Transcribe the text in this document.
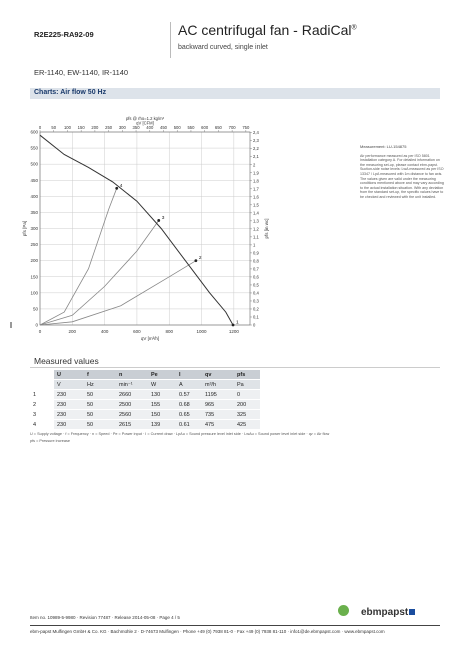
R2E225-RA92-09	AC centrifugal fan - RadiCal®
backward curved, single inlet
ER-1140, EW-1140, IR-1140
Charts: Air flow 50 Hz
0	200	400	600	800	1000	1200
0 50 100 150 200 250 300 350 400 450 500 550 600 650 700 750
0
50
100
150
200
250
300
350
400
450
500
550
600
0
0,1
0,2
0,3
0,4
0,5
0,6
0,7
0,8
0,9
1
1,1
1,2
1,3
1,4
1,5
1,6
1,7
1,8
1,9
2
2,1
2,2
2,3
2,4
pfs @ rho=1.2 kg/m³
qV [CFM]
qV [m³/h]
pfs [Pa]	pfs [in wc]
1
2
3
4
Measurement: LU-154875
Air performance measured as per ISO 5801 Installation category A. For detailed information on the measuring set-up, please contact ebm-papst. Suction-side noise levels: LwA measured as per ISO 13347 / LpA measured with 1m distance to fan axis. The values given are valid under the measuring conditions mentioned above and may vary according to the actual installation situation. With any deviation from the standard set-up, the specific values have to be checked and reviewed with the unit installed.
Measured values
	U	f	n	Pe	I	qv	pfs
	V	Hz	min⁻¹	W	A	m³/h	Pa
1	230	50	2660	130	0.57	1195	0
2	230	50	2500	155	0.68	965	200
3	230	50	2560	150	0.65	735	325
4	230	50	2615	139	0.61	475	425
U = Supply voltage · f = Frequency · n = Speed · Pe = Power input · I = Current draw · LpAu = Sound pressure level inlet side · LwAu = Sound power level inlet side · qv = Air flow
pfs = Pressure increase
ebmpapst
Item no. 10989-5-9980 · Revision 77487 · Release 2014-05-08 · Page 4 / 5
ebm-papst Mulfingen GmbH & Co. KG · Bachmühle 2 · D-74673 Mulfingen · Phone +49 (0) 7938 81-0 · Fax +49 (0) 7938 81-110 · info1@de.ebmpapst.com · www.ebmpapst.com
